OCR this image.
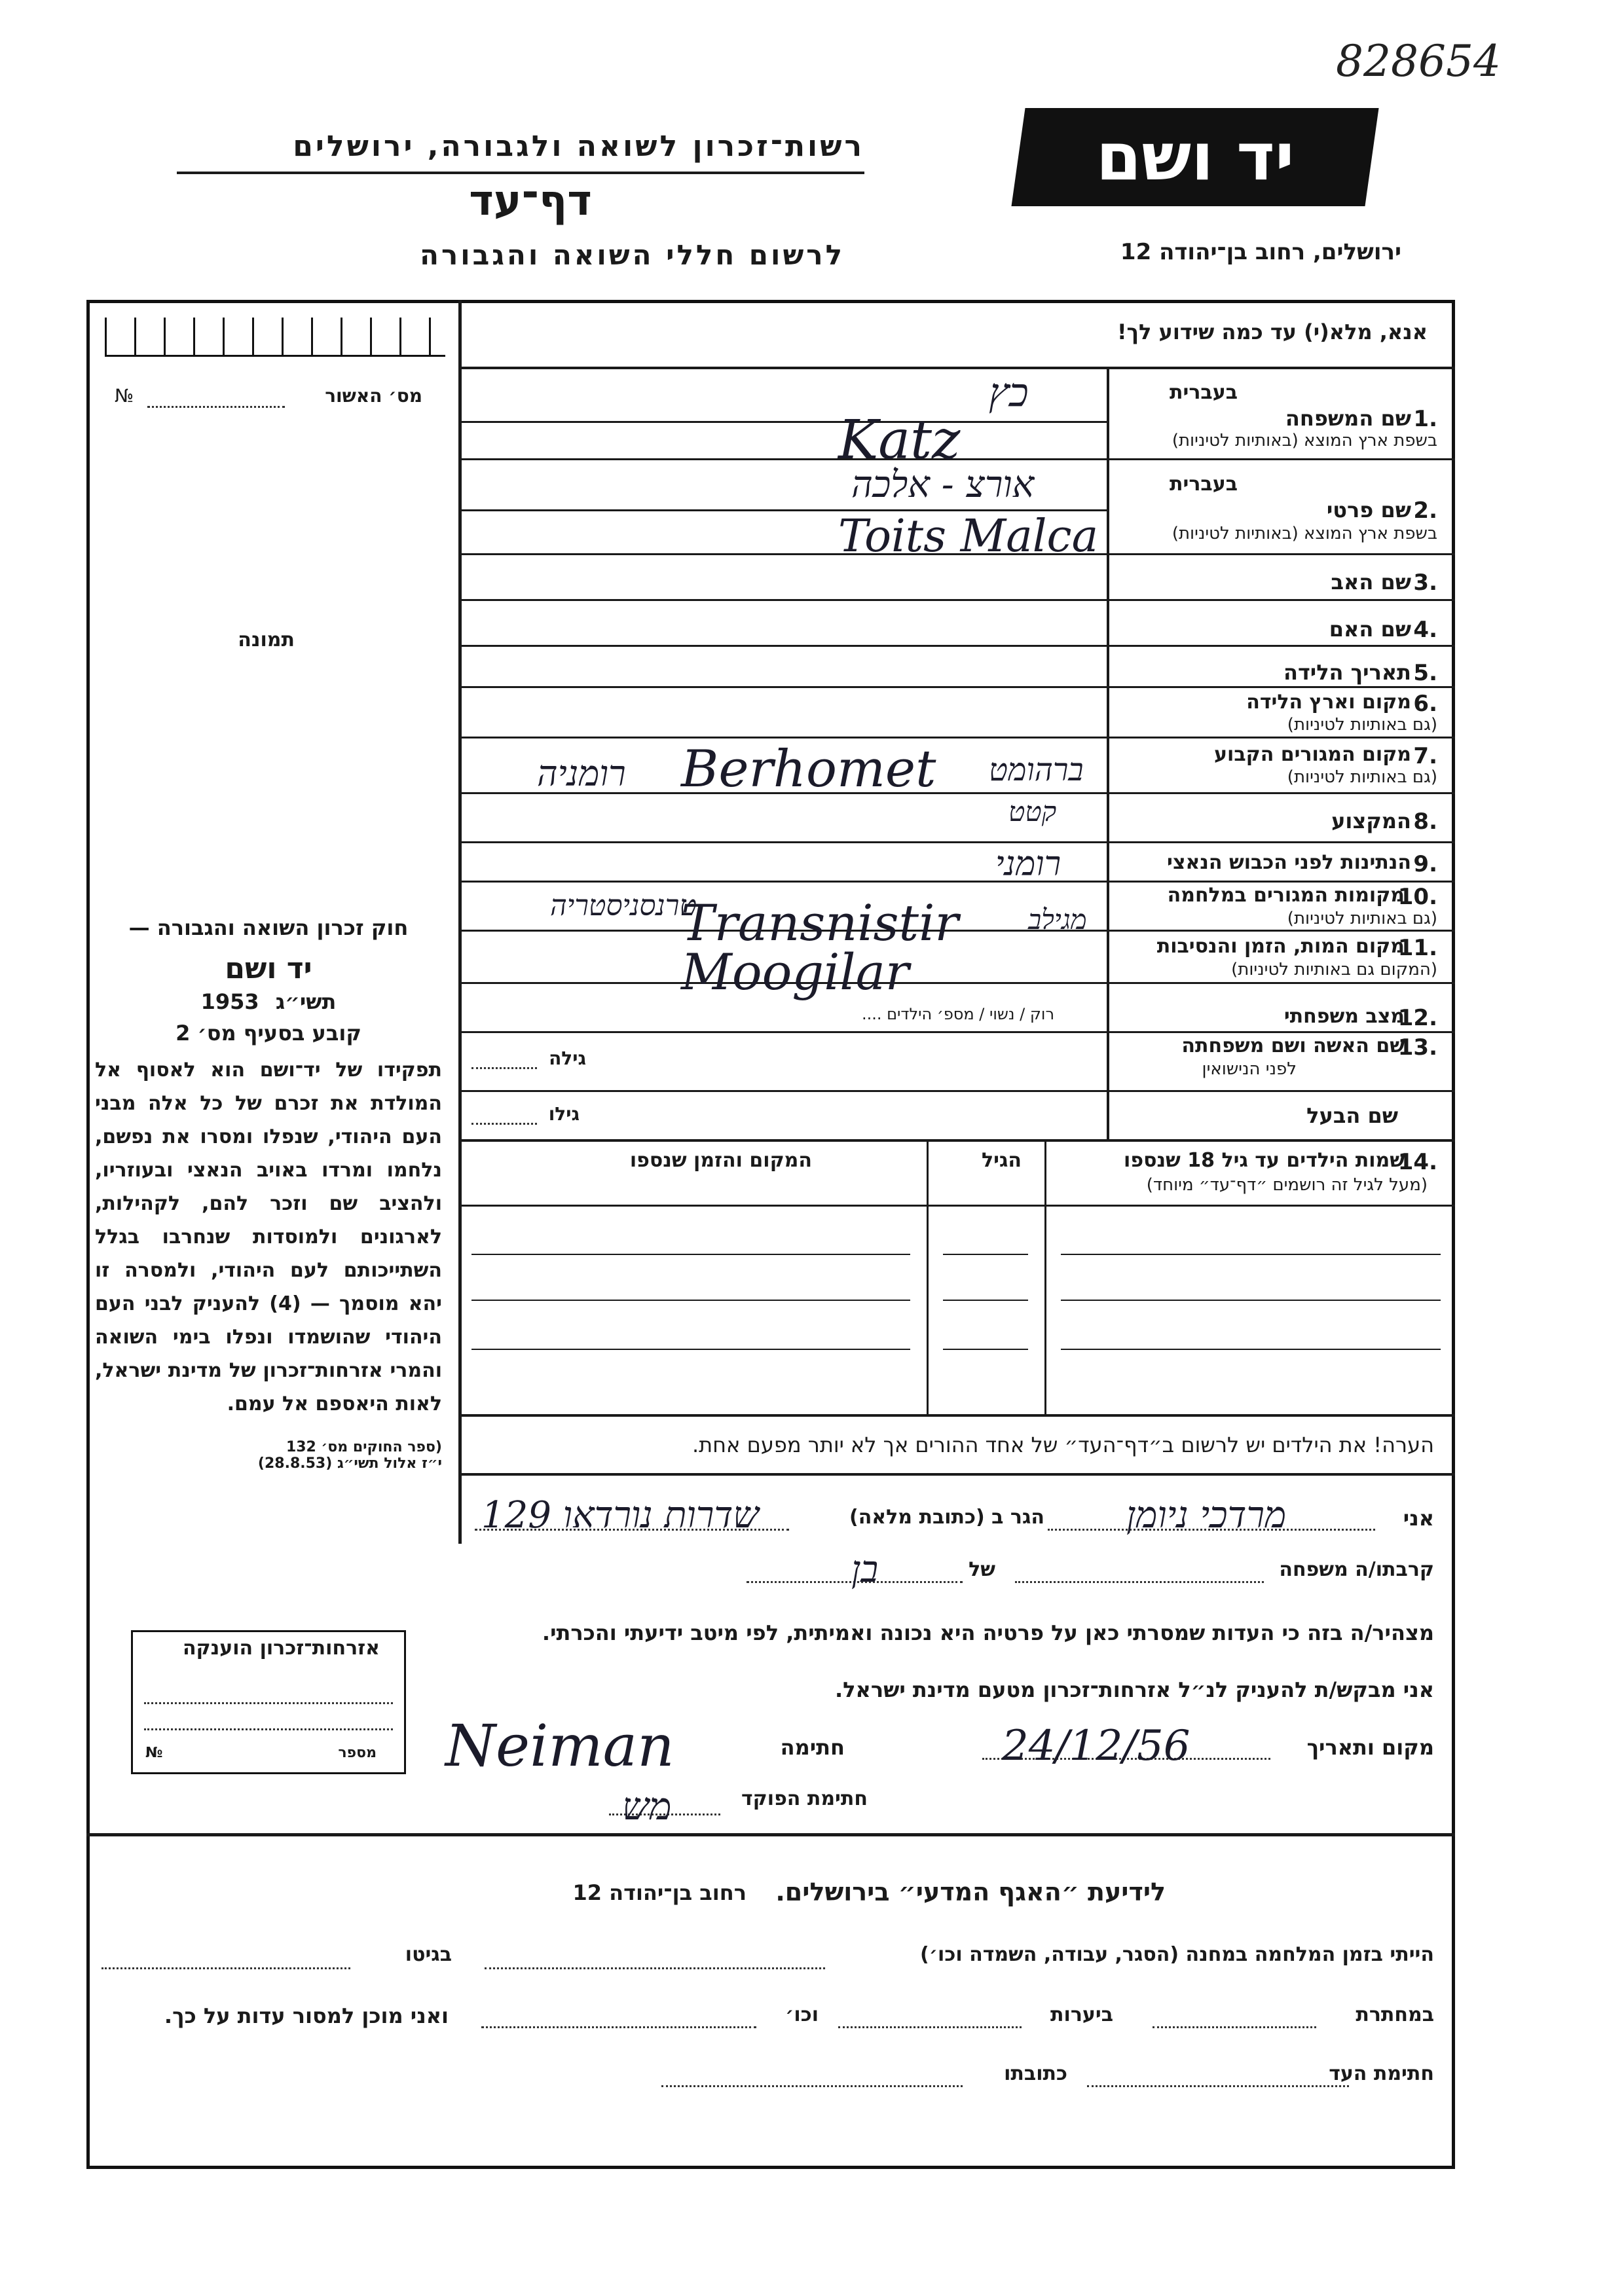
828654
יד ושם
רשות־זכרון לשואה ולגבורה, ירושלים
דף־עד
לרשום חללי השואה והגבורה	ירושלים, רחוב בן־יהודה 12
אנא, מלא(י) עד כמה שידוע לך!
מס׳ האשור
№
תמונה
1.
בעברית
שם המשפחה
בשפת ארץ המוצא (באותיות לטיניות)
2.
בעברית
שם פרטי
בשפת ארץ המוצא (באותיות לטיניות)
3.
שם האב
4.
שם האם
5.
תאריך הלידה
6.
מקום וארץ הלידה
(גם באותיות לטיניות)
7.
מקום המגורים הקבוע
(גם באותיות לטיניות)
8.
המקצוע
9.
הנתינות לפני הכבוש הנאצי
10.
מקומות המגורים במלחמה
(גם באותיות לטיניות)
11.
מקום המות, הזמן והנסיבות
(המקום גם באותיות לטיניות)
12.
מצב משפחתי
רוק / נשוי / מספ׳ הילדים ....
13.
שם האשה ושם משפחתה
לפני הנישואין
גילה
שם הבעל
גילו
14.
שמות הילדים עד גיל 18 שנספו
(מעל לגיל זה רושמים ״דף־עד״ מיוחד)
הגיל
המקום והזמן שנספו
הערה! את הילדים יש לרשום ב״דף־העד״ של אחד ההורים אך לא יותר מפעם אחת.
חוק זכרון השואה והגבורה —
יד ושם
תשי״ג 1953
קובע בסעיף מס׳ 2
תפקידו של יד־ושם הוא לאסוף אל המולדת את זכרם של כל אלה מבני העם היהודי, שנפלו ומסרו את נפשם, נלחמו ומרדו באויב הנאצי ובעוזריו, ולהציב שם וזכר להם, לקהילות, לארגונים ולמוסדות שנחרבו בגלל השתייכותם לעם היהודי, ולמסרה זו יהא מוסמך — (4) להעניק לבני העם היהודי שהושמדו ונפלו בימי השואה והמרי אזרחות־זכרון של מדינת ישראל, לאות היאספם אל עמם.
(ספר החוקים מס׳ 132
י״ז אלול תשי״ג (28.8.53)
אני
הגר ב (כתובת מלאה)
קרבתו/ה משפחה
של
מצהיר/ה בזה כי העדות שמסרתי כאן על פרטיה היא נכונה ואמיתית, לפי מיטב ידיעתי והכרתי.
אני מבקש/ת להעניק לנ״ל אזרחות־זכרון מטעם מדינת ישראל.
מקום ותאריך
חתימה
חתימת הפוקד
אזרחות־זכרון הוענקה
מספר
№
לידיעת ״האגף המדעי״ בירושלים.
רחוב בן־יהודה 12
הייתי בזמן המלחמה במחנה (הסגר, עבודה, השמדה וכו׳)
בגיטו
במחתרת
ביערות
וכו׳
ואני מוכן למסור עדות על כך.
חתימת העד
כתובתו
כץ
Katz
אורצ - אלכה
Toits Malca
רומניה Berhomet ברהומט
קטט
רומני
טרנסניסטריה
Transnistir	מגילב
Moogilar
מרדכי ניומן
שדרות נורדאו 129
בן
24/12/56
Neiman
מש
